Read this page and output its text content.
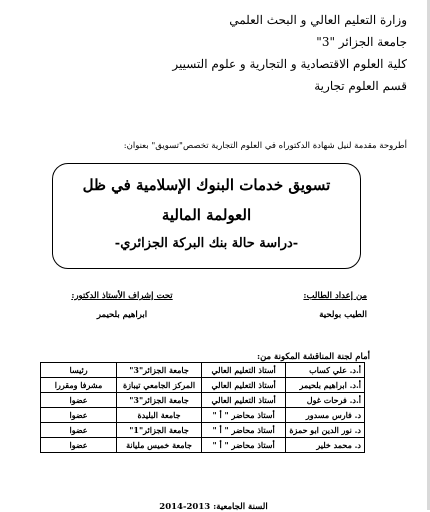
وزارة التعليم العالي و البحث العلمي
جامعة الجزائر "3"
كلية العلوم الاقتصادية و التجارية و علوم التسيير
قسم العلوم تجارية
أطروحة مقدمة لنيل شهادة الدكتوراه في العلوم التجارية تخصص"تسويق" بعنوان:
تسويق خدمات البنوك الإسلامية في ظل
العولمة المالية
-دراسة حالة بنك البركة الجزائري-
من إعداد الطالب:
الطيب بولحية
تحت إشراف الأستاذ الدكتور:
ابراهيم بلحيمر
أمام لجنة المناقشة المكونة من:
أ.د. علي كساب	أستاذ التعليم العالي	جامعة الجزائر"3"	رئيسا
أ.د. ابراهيم بلحيمر	أستاذ التعليم العالي	المركز الجامعي تيبازة	مشرفا ومقررا
أ.د. فرحات غول	أستاذ التعليم العالي	جامعة الجزائر"3"	عضوا
د. فارس مسدور	أستاذ محاضر " أ "	جامعة البليدة	عضوا
د. نور الدين ابو حمزة	أستاذ محاضر " أ "	جامعة الجزائر"1"	عضوا
د. محمد خلير	أستاذ محاضر " أ "	جامعة خميس مليانة	عضوا
السنة الجامعية: 2013-2014
